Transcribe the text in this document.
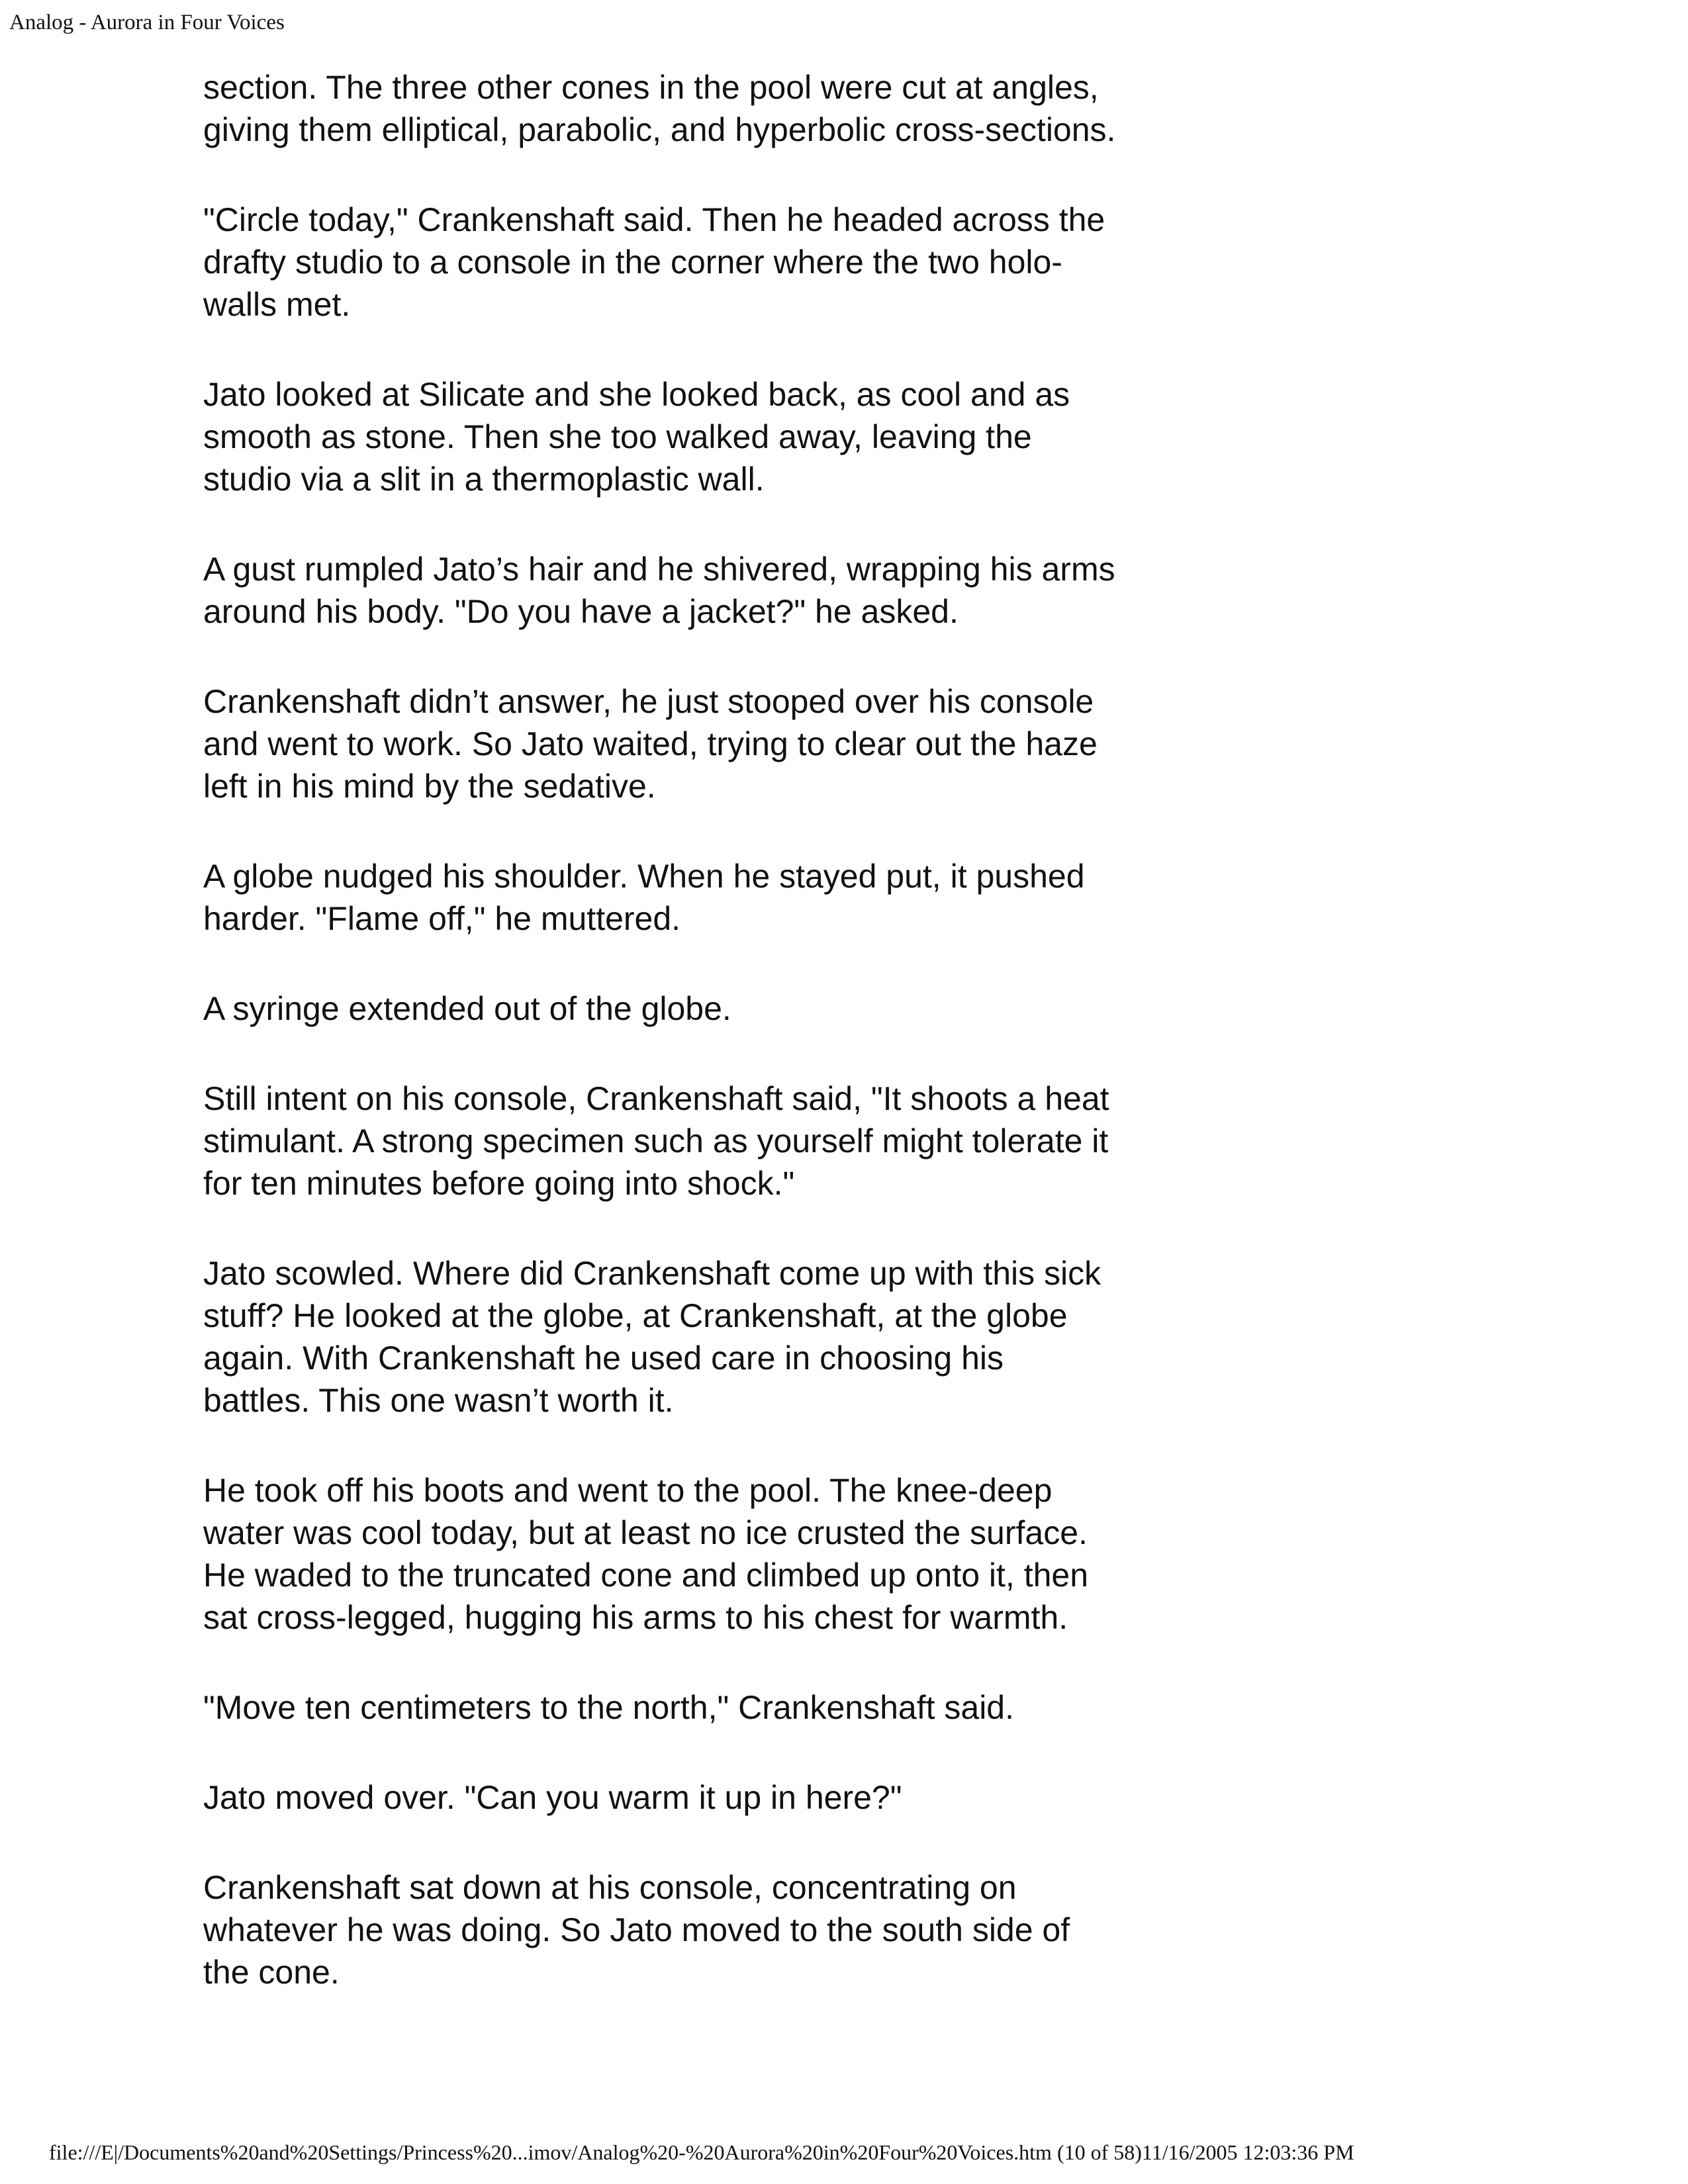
Analog - Aurora in Four Voices

section. The three other cones in the pool were cut at angles,
giving them elliptical, parabolic, and hyperbolic cross-sections.

"Circle today," Crankenshaft said. Then he headed across the
drafty studio to a console in the corner where the two holo-
walls met.

Jato looked at Silicate and she looked back, as cool and as
smooth as stone. Then she too walked away, leaving the
studio via a slit in a thermoplastic wall.

A gust rumpled Jato’s hair and he shivered, wrapping his arms
around his body. "Do you have a jacket?" he asked.

Crankenshaft didn’t answer, he just stooped over his console
and went to work. So Jato waited, trying to clear out the haze
left in his mind by the sedative.

A globe nudged his shoulder. When he stayed put, it pushed
harder. "Flame off," he muttered.

A syringe extended out of the globe.

Still intent on his console, Crankenshaft said, "It shoots a heat
stimulant. A strong specimen such as yourself might tolerate it
for ten minutes before going into shock."

Jato scowled. Where did Crankenshaft come up with this sick
stuff? He looked at the globe, at Crankenshaft, at the globe
again. With Crankenshaft he used care in choosing his
battles. This one wasn’t worth it.

He took off his boots and went to the pool. The knee-deep
water was cool today, but at least no ice crusted the surface.
He waded to the truncated cone and climbed up onto it, then
sat cross-legged, hugging his arms to his chest for warmth.

"Move ten centimeters to the north," Crankenshaft said.

Jato moved over. "Can you warm it up in here?"

Crankenshaft sat down at his console, concentrating on
whatever he was doing. So Jato moved to the south side of
the cone.

file:///E|/Documents%20and%20Settings/Princess%20...imov/Analog%20-%20Aurora%20in%20Four%20Voices.htm (10 of 58)11/16/2005 12:03:36 PM
